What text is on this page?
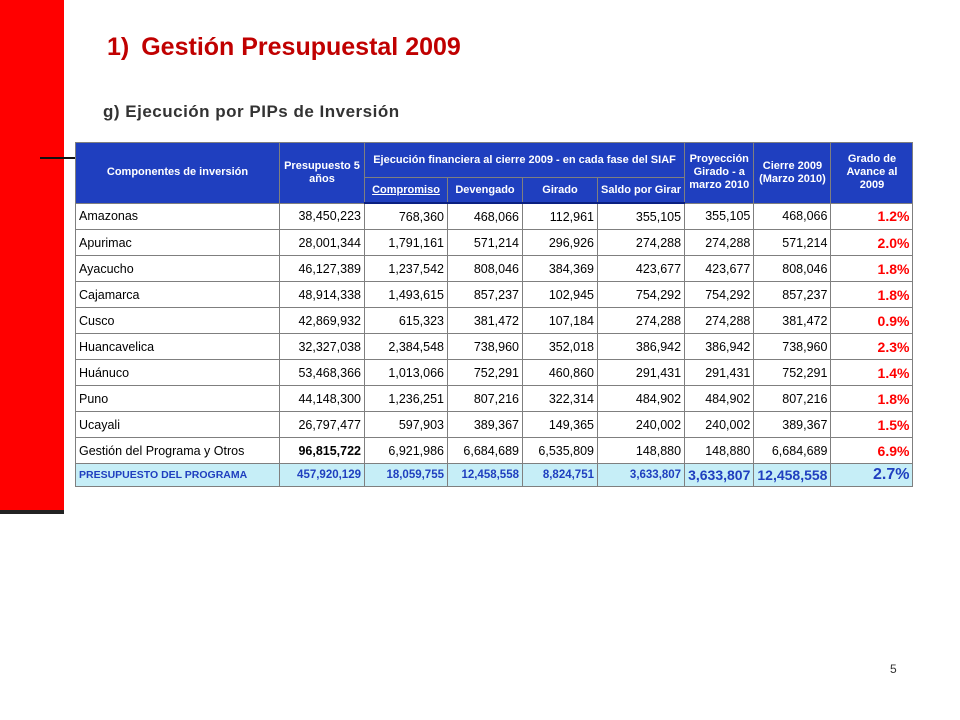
1) Gestión Presupuestal 2009
g) Ejecución por PIPs de Inversión
Componentes de inversión	Presupuesto 5 años	Ejecución financiera al cierre 2009 - en cada fase del SIAF				Proyección Girado - a marzo 2010	Cierre 2009 (Marzo 2010)	Grado de Avance al 2009
		Compromiso	Devengado	Girado	Saldo por Girar			
Amazonas	38,450,223	768,360	468,066	112,961	355,105	355,105	468,066	1.2%
Apurimac	28,001,344	1,791,161	571,214	296,926	274,288	274,288	571,214	2.0%
Ayacucho	46,127,389	1,237,542	808,046	384,369	423,677	423,677	808,046	1.8%
Cajamarca	48,914,338	1,493,615	857,237	102,945	754,292	754,292	857,237	1.8%
Cusco	42,869,932	615,323	381,472	107,184	274,288	274,288	381,472	0.9%
Huancavelica	32,327,038	2,384,548	738,960	352,018	386,942	386,942	738,960	2.3%
Huánuco	53,468,366	1,013,066	752,291	460,860	291,431	291,431	752,291	1.4%
Puno	44,148,300	1,236,251	807,216	322,314	484,902	484,902	807,216	1.8%
Ucayali	26,797,477	597,903	389,367	149,365	240,002	240,002	389,367	1.5%
Gestión del Programa y Otros	96,815,722	6,921,986	6,684,689	6,535,809	148,880	148,880	6,684,689	6.9%
PRESUPUESTO DEL PROGRAMA	457,920,129	18,059,755	12,458,558	8,824,751	3,633,807	3,633,807	12,458,558	2.7%
5
